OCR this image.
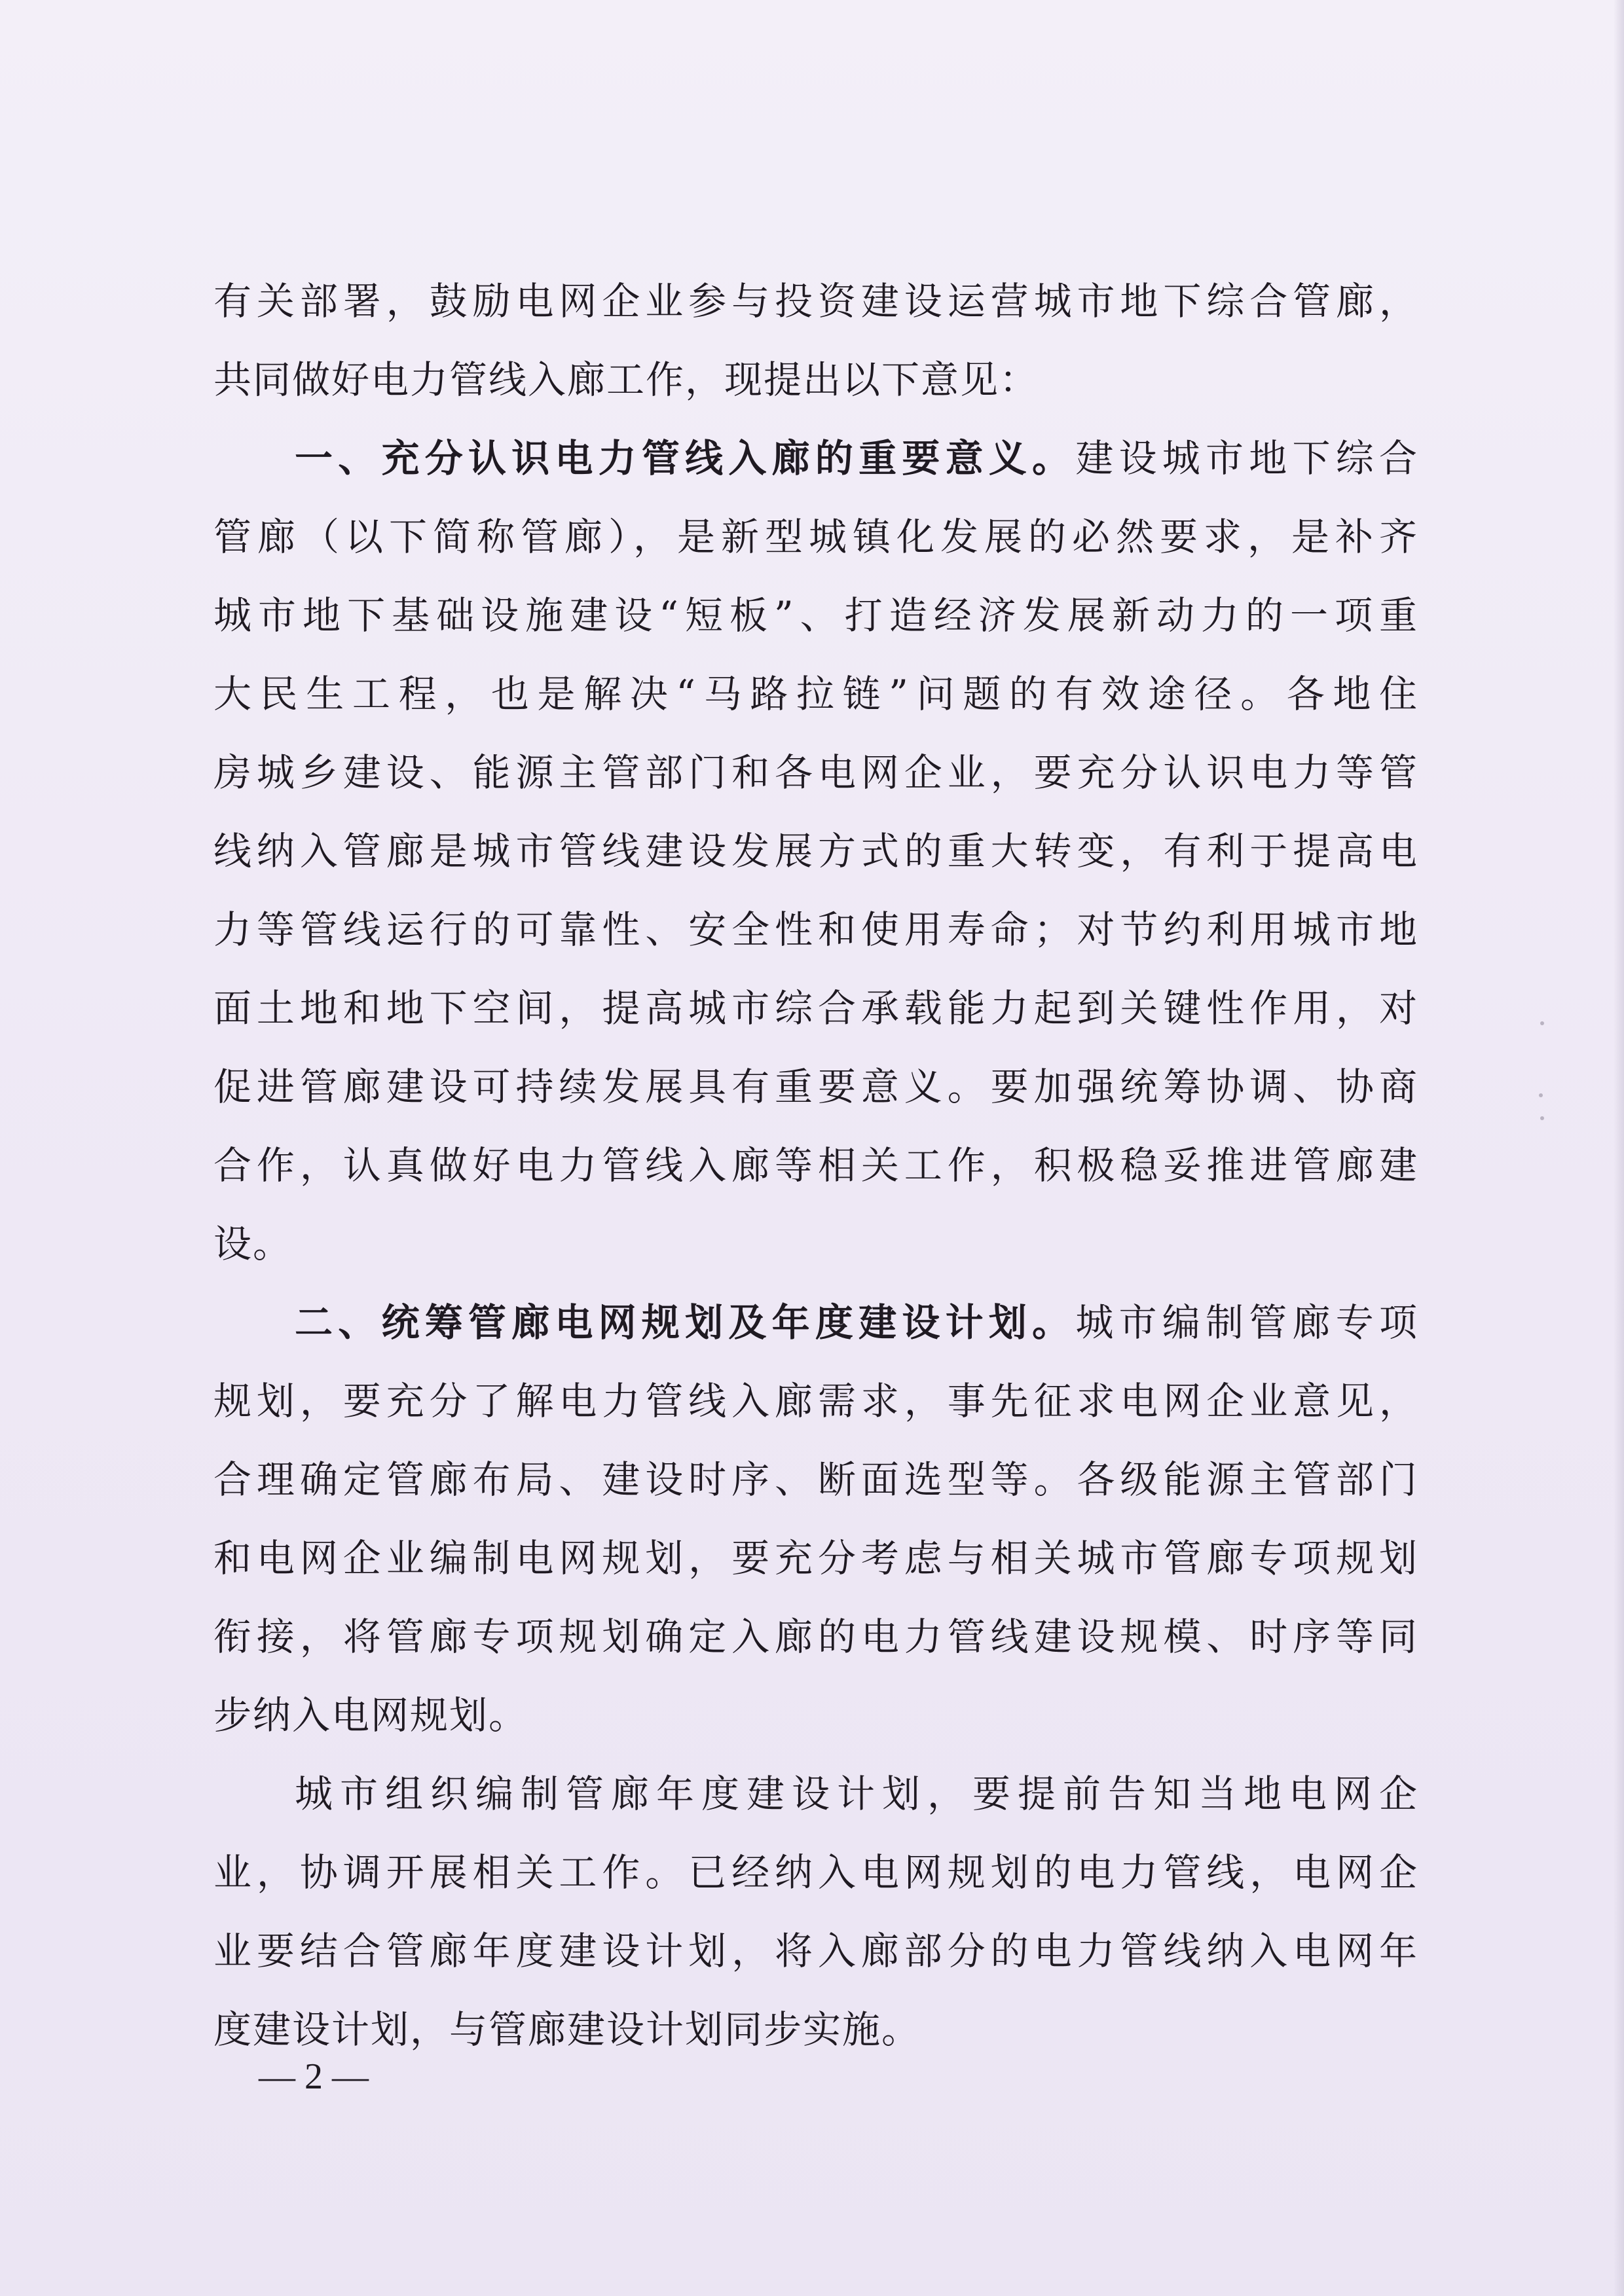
有关部署，鼓励电网企业参与投资建设运营城市地下综合管廊，
共同做好电力管线入廊工作，现提出以下意见：
一、充分认识电力管线入廊的重要意义。建设城市地下综合
管廊（以下简称管廊），是新型城镇化发展的必然要求，是补齐
城市地下基础设施建设“短板”、打造经济发展新动力的一项重
大民生工程，也是解决“马路拉链”问题的有效途径。各地住
房城乡建设、能源主管部门和各电网企业，要充分认识电力等管
线纳入管廊是城市管线建设发展方式的重大转变，有利于提高电
力等管线运行的可靠性、安全性和使用寿命；对节约利用城市地
面土地和地下空间，提高城市综合承载能力起到关键性作用，对
促进管廊建设可持续发展具有重要意义。要加强统筹协调、协商
合作，认真做好电力管线入廊等相关工作，积极稳妥推进管廊建
设。
二、统筹管廊电网规划及年度建设计划。城市编制管廊专项
规划，要充分了解电力管线入廊需求，事先征求电网企业意见，
合理确定管廊布局、建设时序、断面选型等。各级能源主管部门
和电网企业编制电网规划，要充分考虑与相关城市管廊专项规划
衔接，将管廊专项规划确定入廊的电力管线建设规模、时序等同
步纳入电网规划。
城市组织编制管廊年度建设计划，要提前告知当地电网企
业，协调开展相关工作。已经纳入电网规划的电力管线，电网企
业要结合管廊年度建设计划，将入廊部分的电力管线纳入电网年
度建设计划，与管廊建设计划同步实施。
— 2 —
